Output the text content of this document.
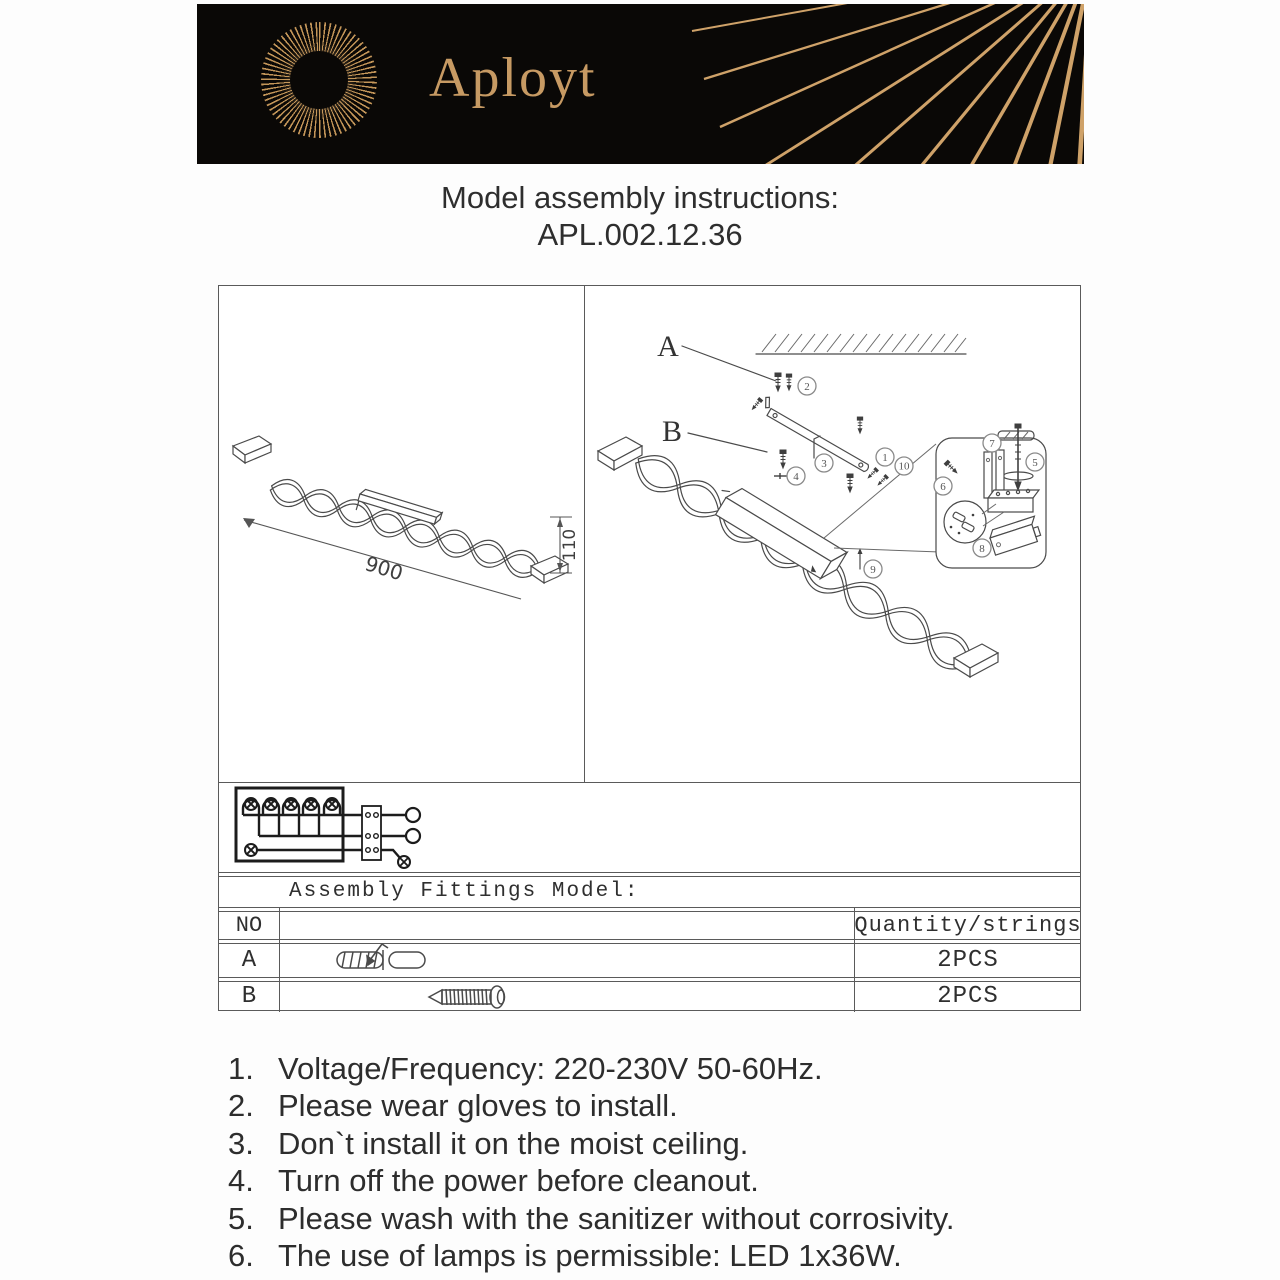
Aployt
Model assembly instructions:
APL.002.12.36
900
110
A
B
1
2
3
4
5
6
7
8
9
10
Assembly Fittings Model:
NO	Quantity/strings
A	2PCS
B	2PCS
1. Voltage/Frequency: 220-230V 50-60Hz.
2. Please wear gloves to install.
3. Don`t install it on the moist ceiling.
4. Turn off the power before cleanout.
5. Please wash with the sanitizer without corrosivity.
6. The use of lamps is permissible: LED 1x36W.
